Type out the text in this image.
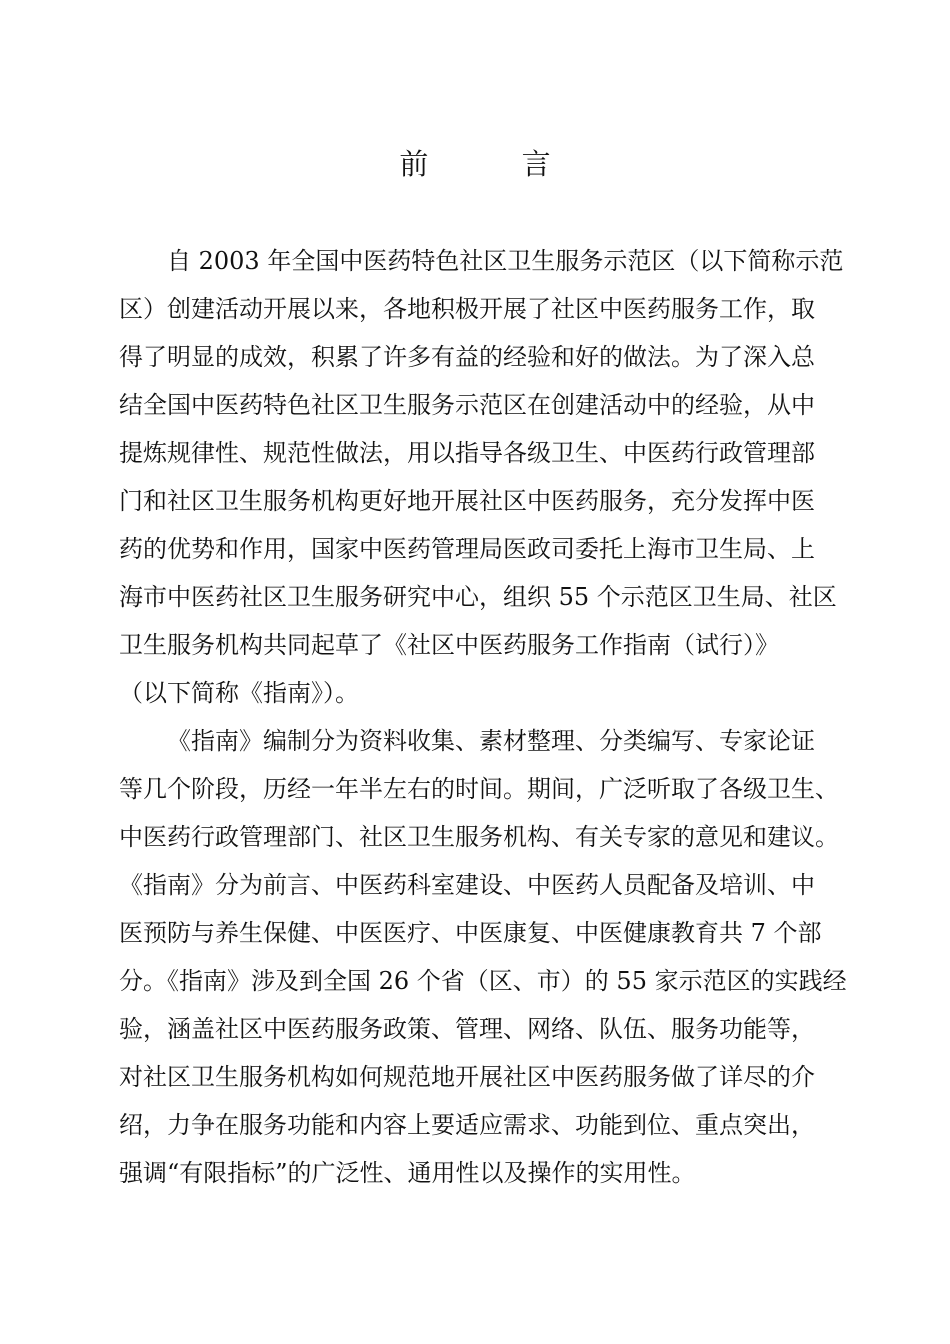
前 言

自 2003 年全国中医药特色社区卫生服务示范区（以下简称示范

区）创建活动开展以来，各地积极开展了社区中医药服务工作，取

得了明显的成效，积累了许多有益的经验和好的做法。为了深入总

结全国中医药特色社区卫生服务示范区在创建活动中的经验，从中

提炼规律性、规范性做法，用以指导各级卫生、中医药行政管理部

门和社区卫生服务机构更好地开展社区中医药服务，充分发挥中医

药的优势和作用，国家中医药管理局医政司委托上海市卫生局、上

海市中医药社区卫生服务研究中心，组织 55 个示范区卫生局、社区

卫生服务机构共同起草了《社区中医药服务工作指南（试行）》

（以下简称《指南》）。

《指南》编制分为资料收集、素材整理、分类编写、专家论证

等几个阶段，历经一年半左右的时间。期间，广泛听取了各级卫生、

中医药行政管理部门、社区卫生服务机构、有关专家的意见和建议。

《指南》分为前言、中医药科室建设、中医药人员配备及培训、中

医预防与养生保健、中医医疗、中医康复、中医健康教育共 7 个部

分。《指南》涉及到全国 26 个省（区、市）的 55 家示范区的实践经

验，涵盖社区中医药服务政策、管理、网络、队伍、服务功能等，

对社区卫生服务机构如何规范地开展社区中医药服务做了详尽的介

绍，力争在服务功能和内容上要适应需求、功能到位、重点突出，

强调“有限指标”的广泛性、通用性以及操作的实用性。
